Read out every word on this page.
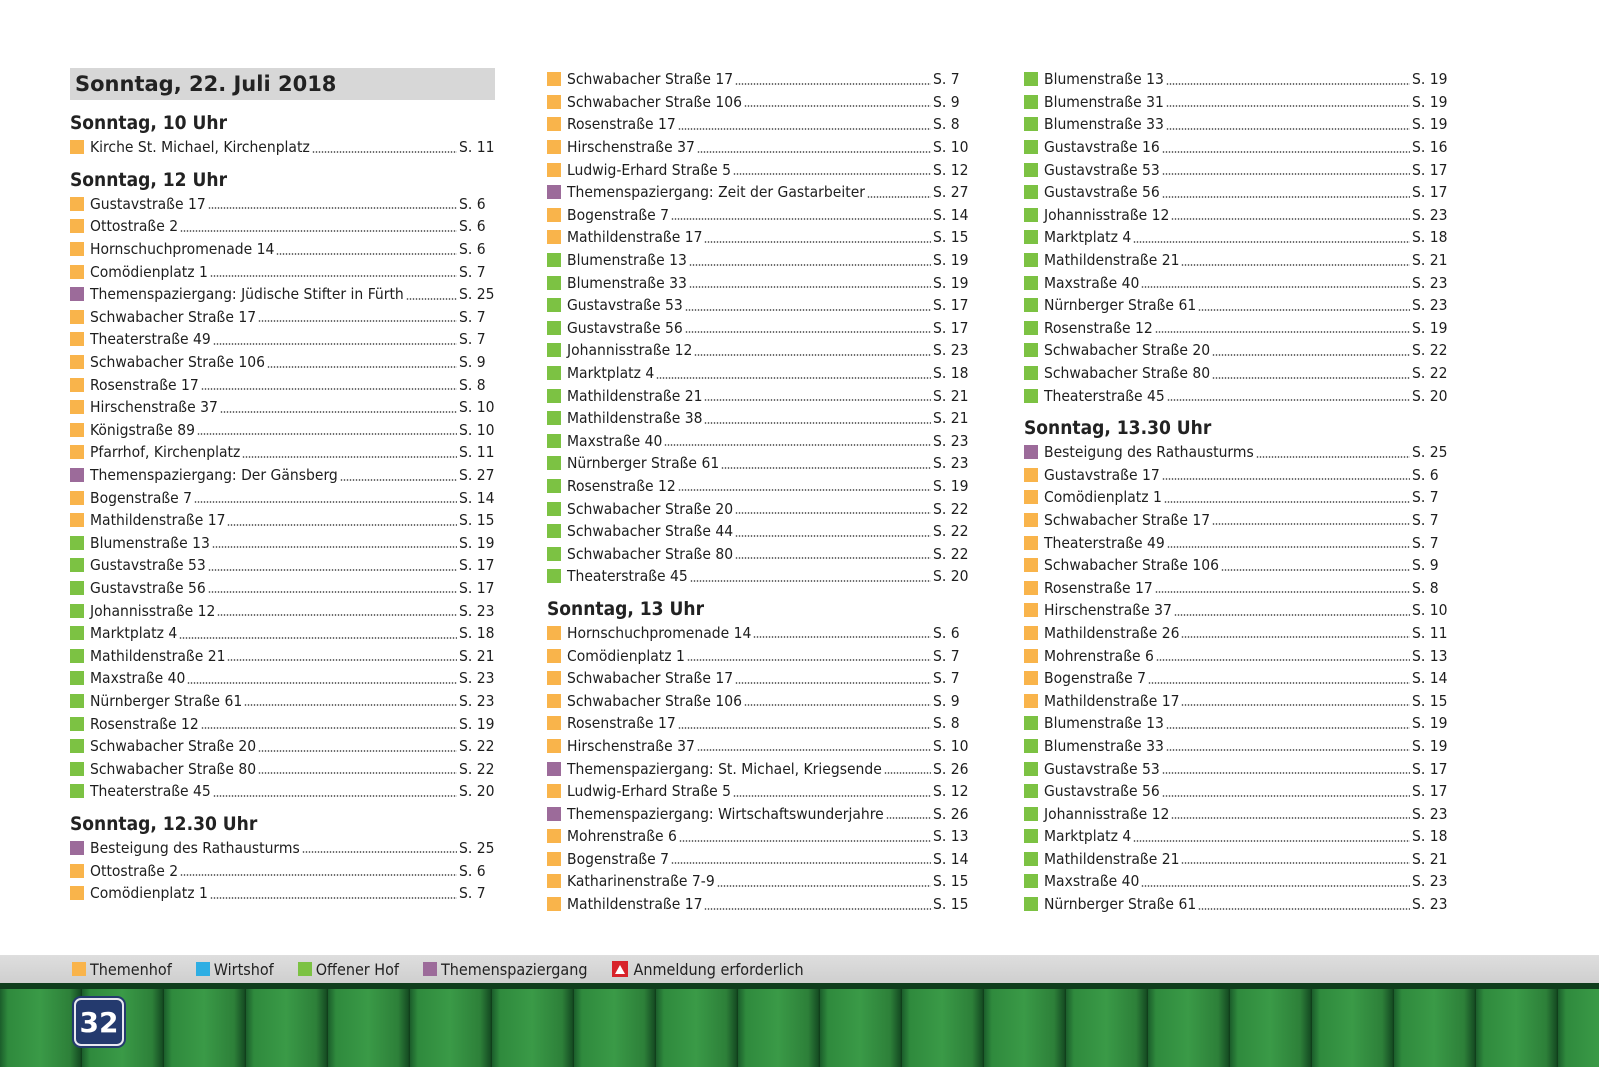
Sonntag, 22. Juli 2018
Sonntag, 10 Uhr
Kirche St. Michael, Kirchenplatz	S. 11
Sonntag, 12 Uhr
Gustavstraße 17	S. 6
Ottostraße 2	S. 6
Hornschuchpromenade 14	S. 6
Comödienplatz 1	S. 7
Themenspaziergang: Jüdische Stifter in Fürth	S. 25
Schwabacher Straße 17	S. 7
Theaterstraße 49	S. 7
Schwabacher Straße 106	S. 9
Rosenstraße 17	S. 8
Hirschenstraße 37	S. 10
Königstraße 89	S. 10
Pfarrhof, Kirchenplatz	S. 11
Themenspaziergang: Der Gänsberg	S. 27
Bogenstraße 7	S. 14
Mathildenstraße 17	S. 15
Blumenstraße 13	S. 19
Gustavstraße 53	S. 17
Gustavstraße 56	S. 17
Johannisstraße 12	S. 23
Marktplatz 4	S. 18
Mathildenstraße 21	S. 21
Maxstraße 40	S. 23
Nürnberger Straße 61	S. 23
Rosenstraße 12	S. 19
Schwabacher Straße 20	S. 22
Schwabacher Straße 80	S. 22
Theaterstraße 45	S. 20
Sonntag, 12.30 Uhr
Besteigung des Rathausturms	S. 25
Ottostraße 2	S. 6
Comödienplatz 1	S. 7
Schwabacher Straße 17	S. 7
Schwabacher Straße 106	S. 9
Rosenstraße 17	S. 8
Hirschenstraße 37	S. 10
Ludwig-Erhard Straße 5	S. 12
Themenspaziergang: Zeit der Gastarbeiter	S. 27
Bogenstraße 7	S. 14
Mathildenstraße 17	S. 15
Blumenstraße 13	S. 19
Blumenstraße 33	S. 19
Gustavstraße 53	S. 17
Gustavstraße 56	S. 17
Johannisstraße 12	S. 23
Marktplatz 4	S. 18
Mathildenstraße 21	S. 21
Mathildenstraße 38	S. 21
Maxstraße 40	S. 23
Nürnberger Straße 61	S. 23
Rosenstraße 12	S. 19
Schwabacher Straße 20	S. 22
Schwabacher Straße 44	S. 22
Schwabacher Straße 80	S. 22
Theaterstraße 45	S. 20
Sonntag, 13 Uhr
Hornschuchpromenade 14	S. 6
Comödienplatz 1	S. 7
Schwabacher Straße 17	S. 7
Schwabacher Straße 106	S. 9
Rosenstraße 17	S. 8
Hirschenstraße 37	S. 10
Themenspaziergang: St. Michael, Kriegsende	S. 26
Ludwig-Erhard Straße 5	S. 12
Themenspaziergang: Wirtschaftswunderjahre	S. 26
Mohrenstraße 6	S. 13
Bogenstraße 7	S. 14
Katharinenstraße 7-9	S. 15
Mathildenstraße 17	S. 15
Blumenstraße 13	S. 19
Blumenstraße 31	S. 19
Blumenstraße 33	S. 19
Gustavstraße 16	S. 16
Gustavstraße 53	S. 17
Gustavstraße 56	S. 17
Johannisstraße 12	S. 23
Marktplatz 4	S. 18
Mathildenstraße 21	S. 21
Maxstraße 40	S. 23
Nürnberger Straße 61	S. 23
Rosenstraße 12	S. 19
Schwabacher Straße 20	S. 22
Schwabacher Straße 80	S. 22
Theaterstraße 45	S. 20
Sonntag, 13.30 Uhr
Besteigung des Rathausturms	S. 25
Gustavstraße 17	S. 6
Comödienplatz 1	S. 7
Schwabacher Straße 17	S. 7
Theaterstraße 49	S. 7
Schwabacher Straße 106	S. 9
Rosenstraße 17	S. 8
Hirschenstraße 37	S. 10
Mathildenstraße 26	S. 11
Mohrenstraße 6	S. 13
Bogenstraße 7	S. 14
Mathildenstraße 17	S. 15
Blumenstraße 13	S. 19
Blumenstraße 33	S. 19
Gustavstraße 53	S. 17
Gustavstraße 56	S. 17
Johannisstraße 12	S. 23
Marktplatz 4	S. 18
Mathildenstraße 21	S. 21
Maxstraße 40	S. 23
Nürnberger Straße 61	S. 23
Themenhof	Wirtshof	Offener Hof	Themenspaziergang	Anmeldung erforderlich
32
